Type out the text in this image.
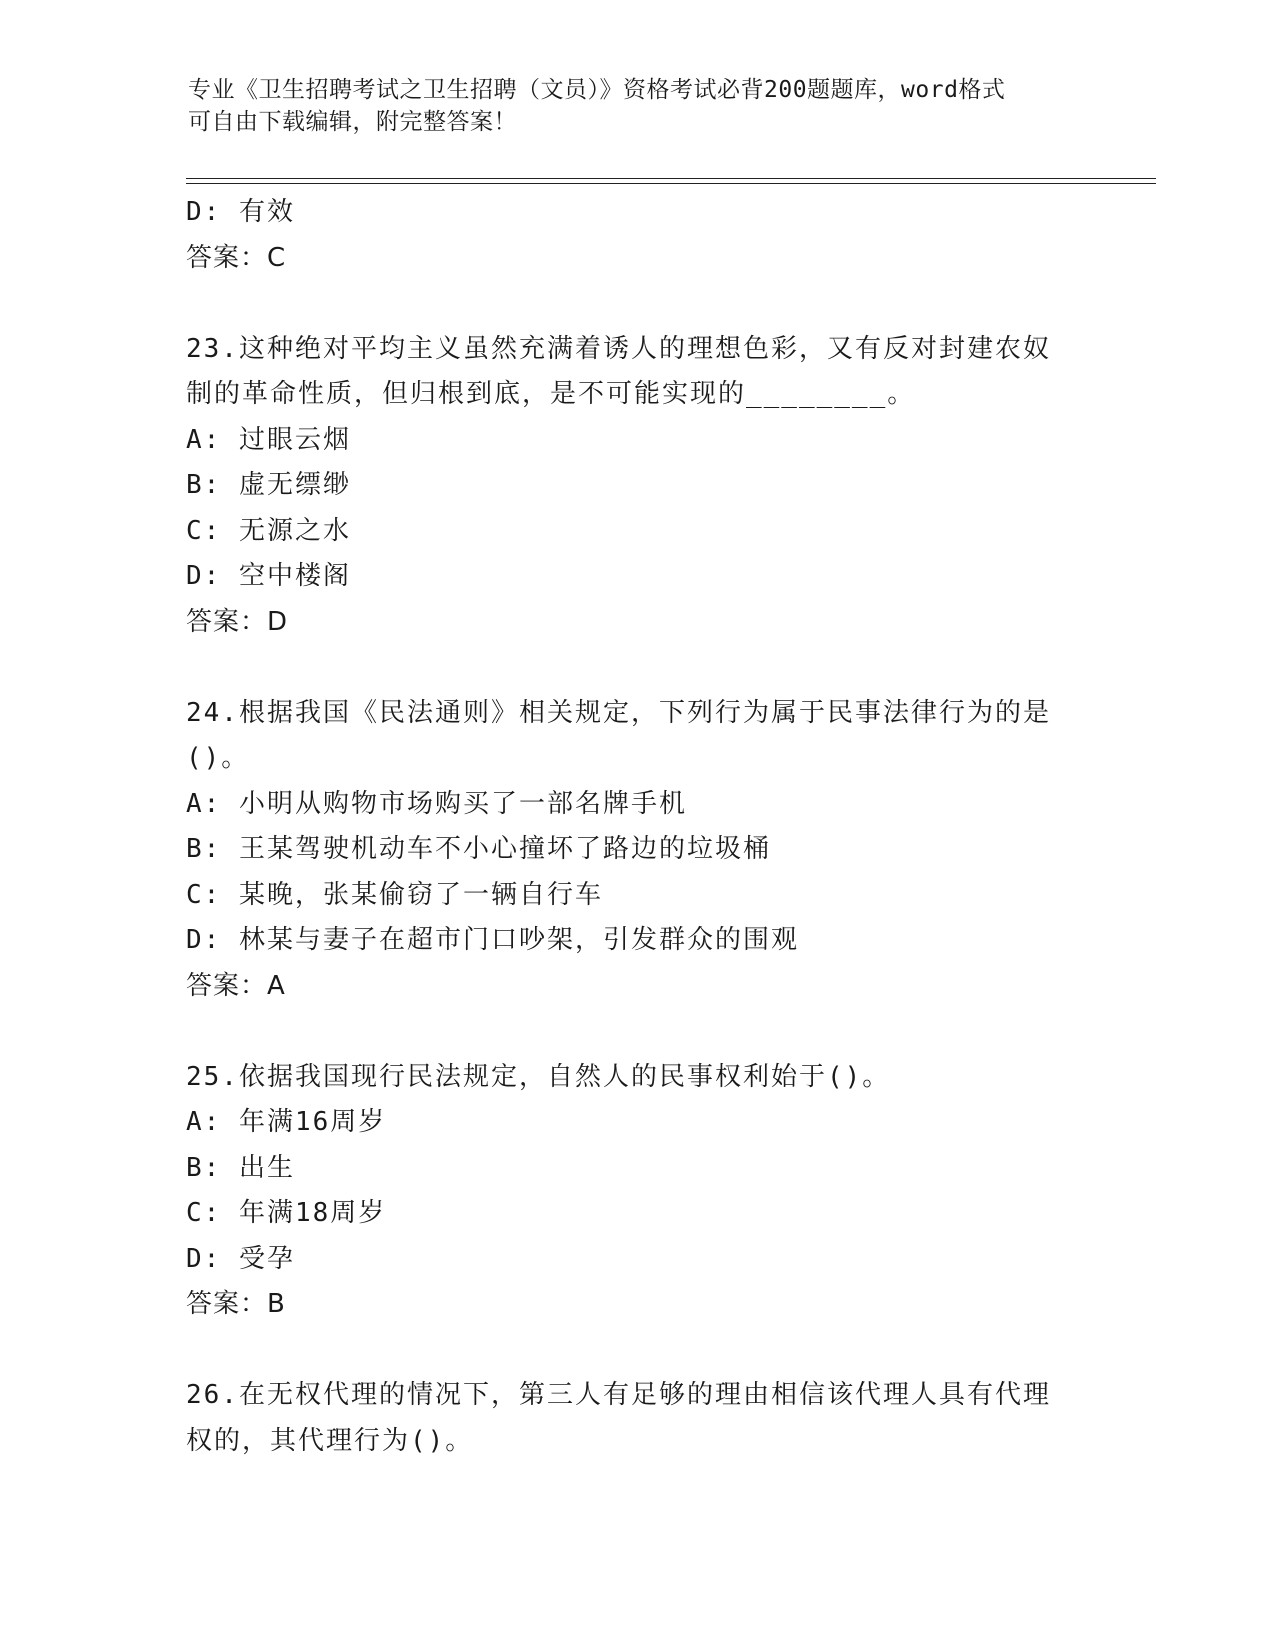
专业《卫生招聘考试之卫生招聘（文员）》资格考试必背200题题库，word格式
可自由下载编辑，附完整答案！
D: 有效
答案：C
23.这种绝对平均主义虽然充满着诱人的理想色彩，又有反对封建农奴
制的革命性质，但归根到底，是不可能实现的________。
A: 过眼云烟
B: 虚无缥缈
C: 无源之水
D: 空中楼阁
答案：D
24.根据我国《民法通则》相关规定，下列行为属于民事法律行为的是
()。
A: 小明从购物市场购买了一部名牌手机
B: 王某驾驶机动车不小心撞坏了路边的垃圾桶
C: 某晚，张某偷窃了一辆自行车
D: 林某与妻子在超市门口吵架，引发群众的围观
答案：A
25.依据我国现行民法规定，自然人的民事权利始于()。
A: 年满16周岁
B: 出生
C: 年满18周岁
D: 受孕
答案：B
26.在无权代理的情况下，第三人有足够的理由相信该代理人具有代理
权的，其代理行为()。
